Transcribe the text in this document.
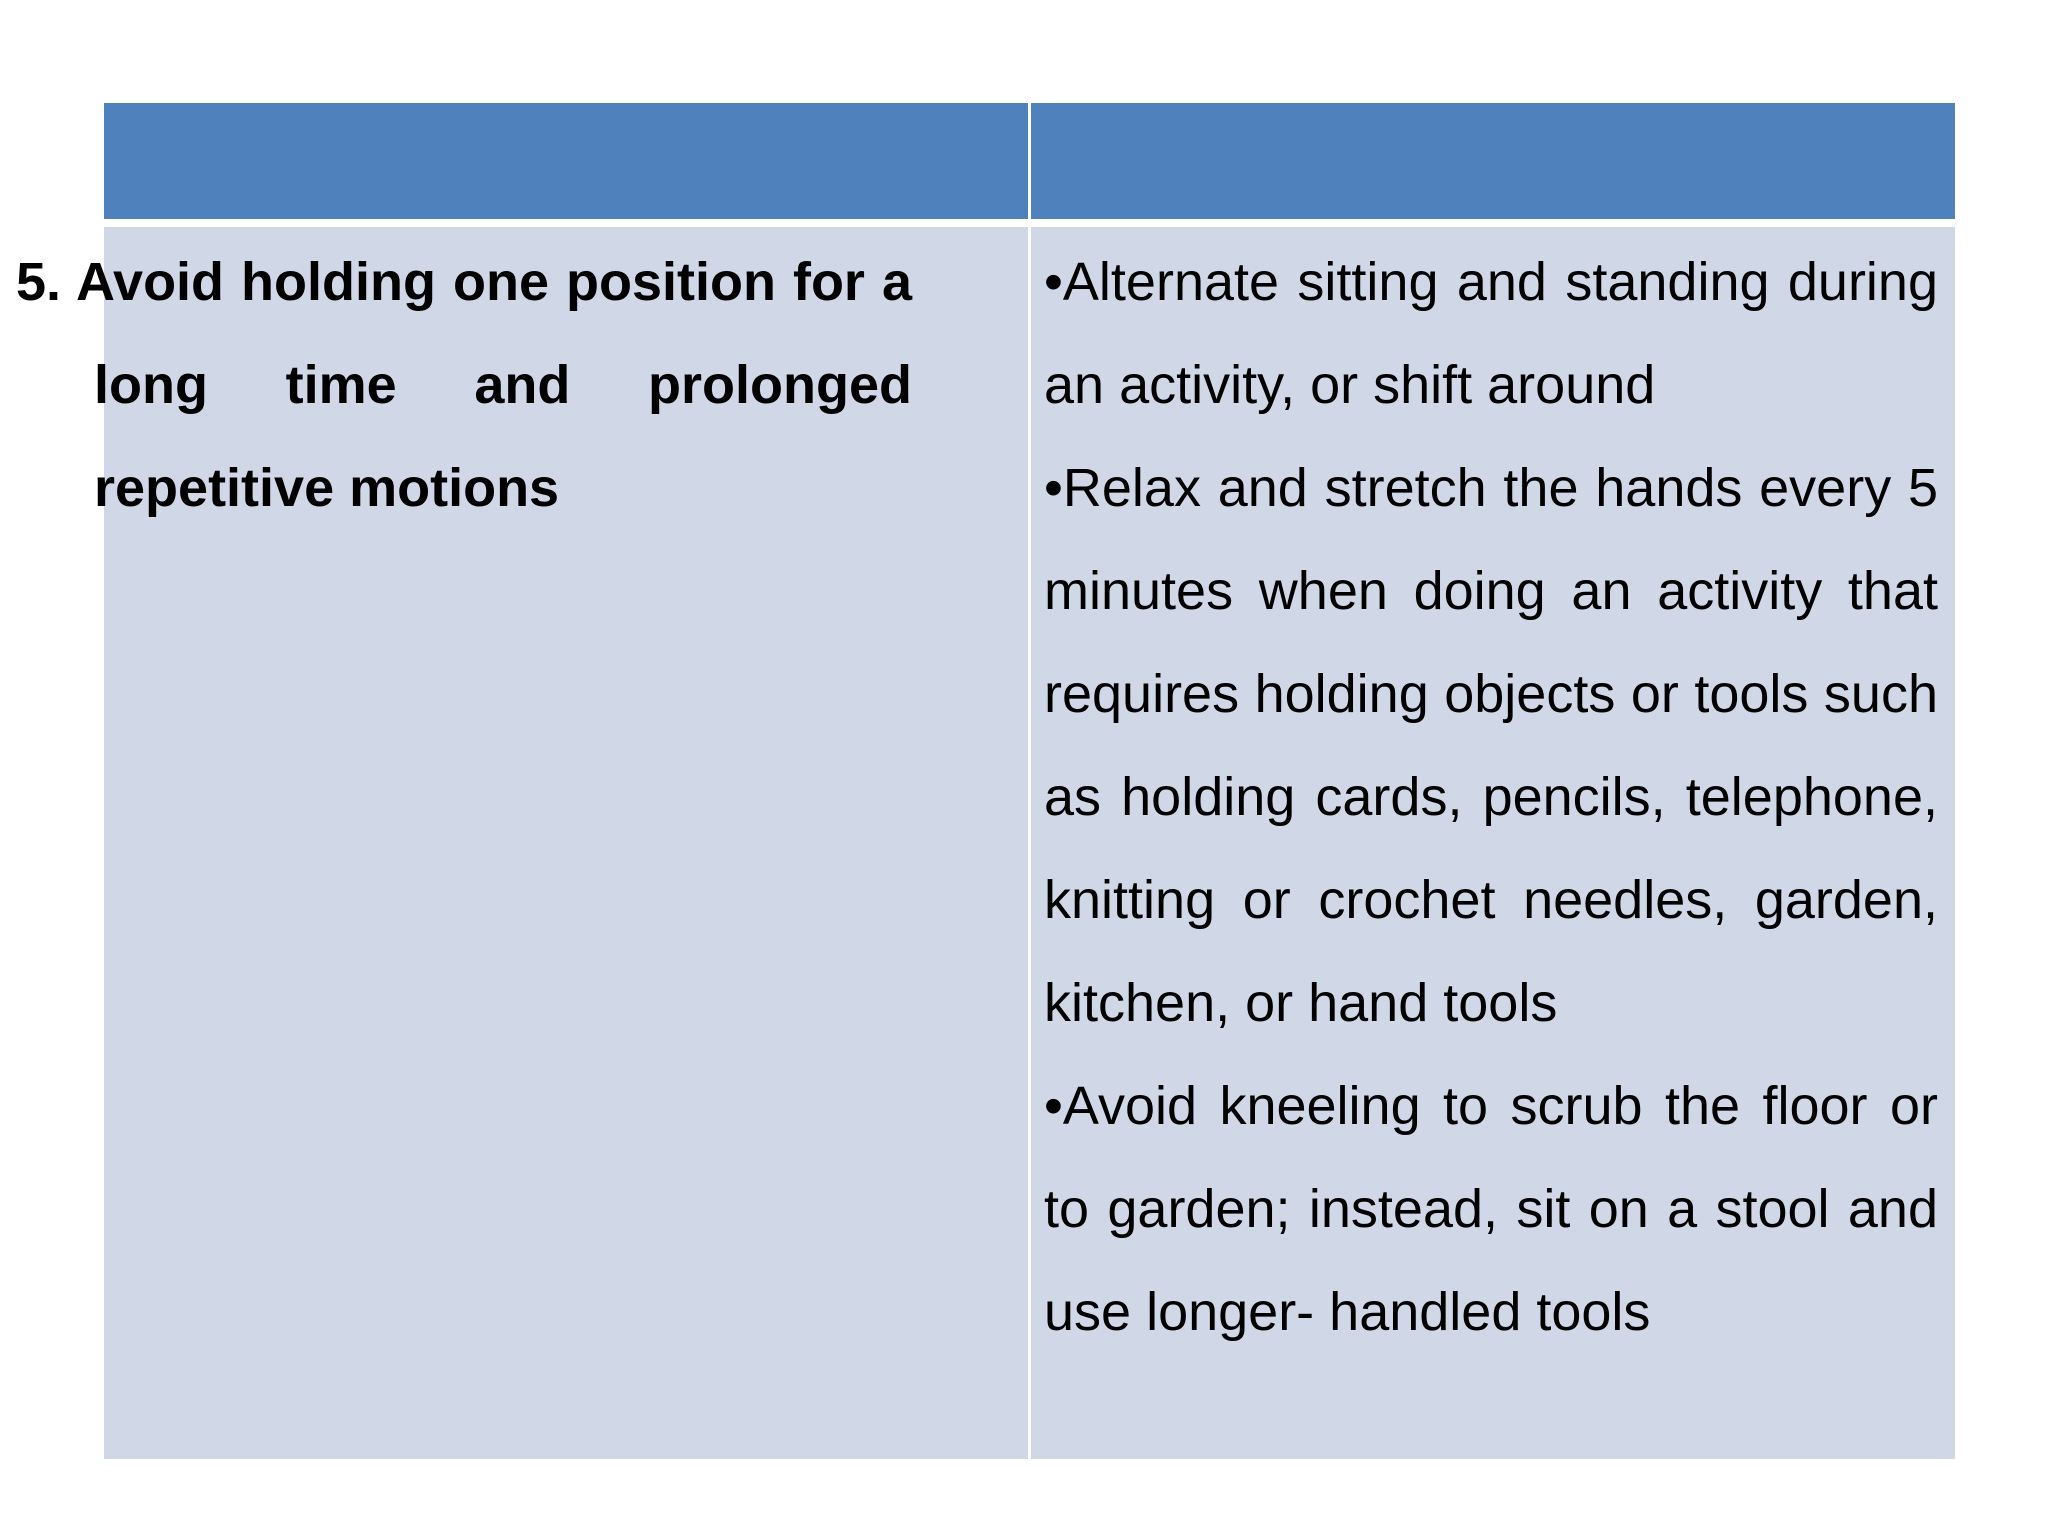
5. Avoid holding one position for a long time and prolonged repetitive motions

•Alternate sitting and standing during an activity, or shift around

•Relax and stretch the hands every 5 minutes when doing an activity that requires holding objects or tools such as holding cards, pencils, telephone, knitting or crochet needles, garden, kitchen, or hand tools

•Avoid kneeling to scrub the floor or to garden; instead, sit on a stool and use longer- handled tools
